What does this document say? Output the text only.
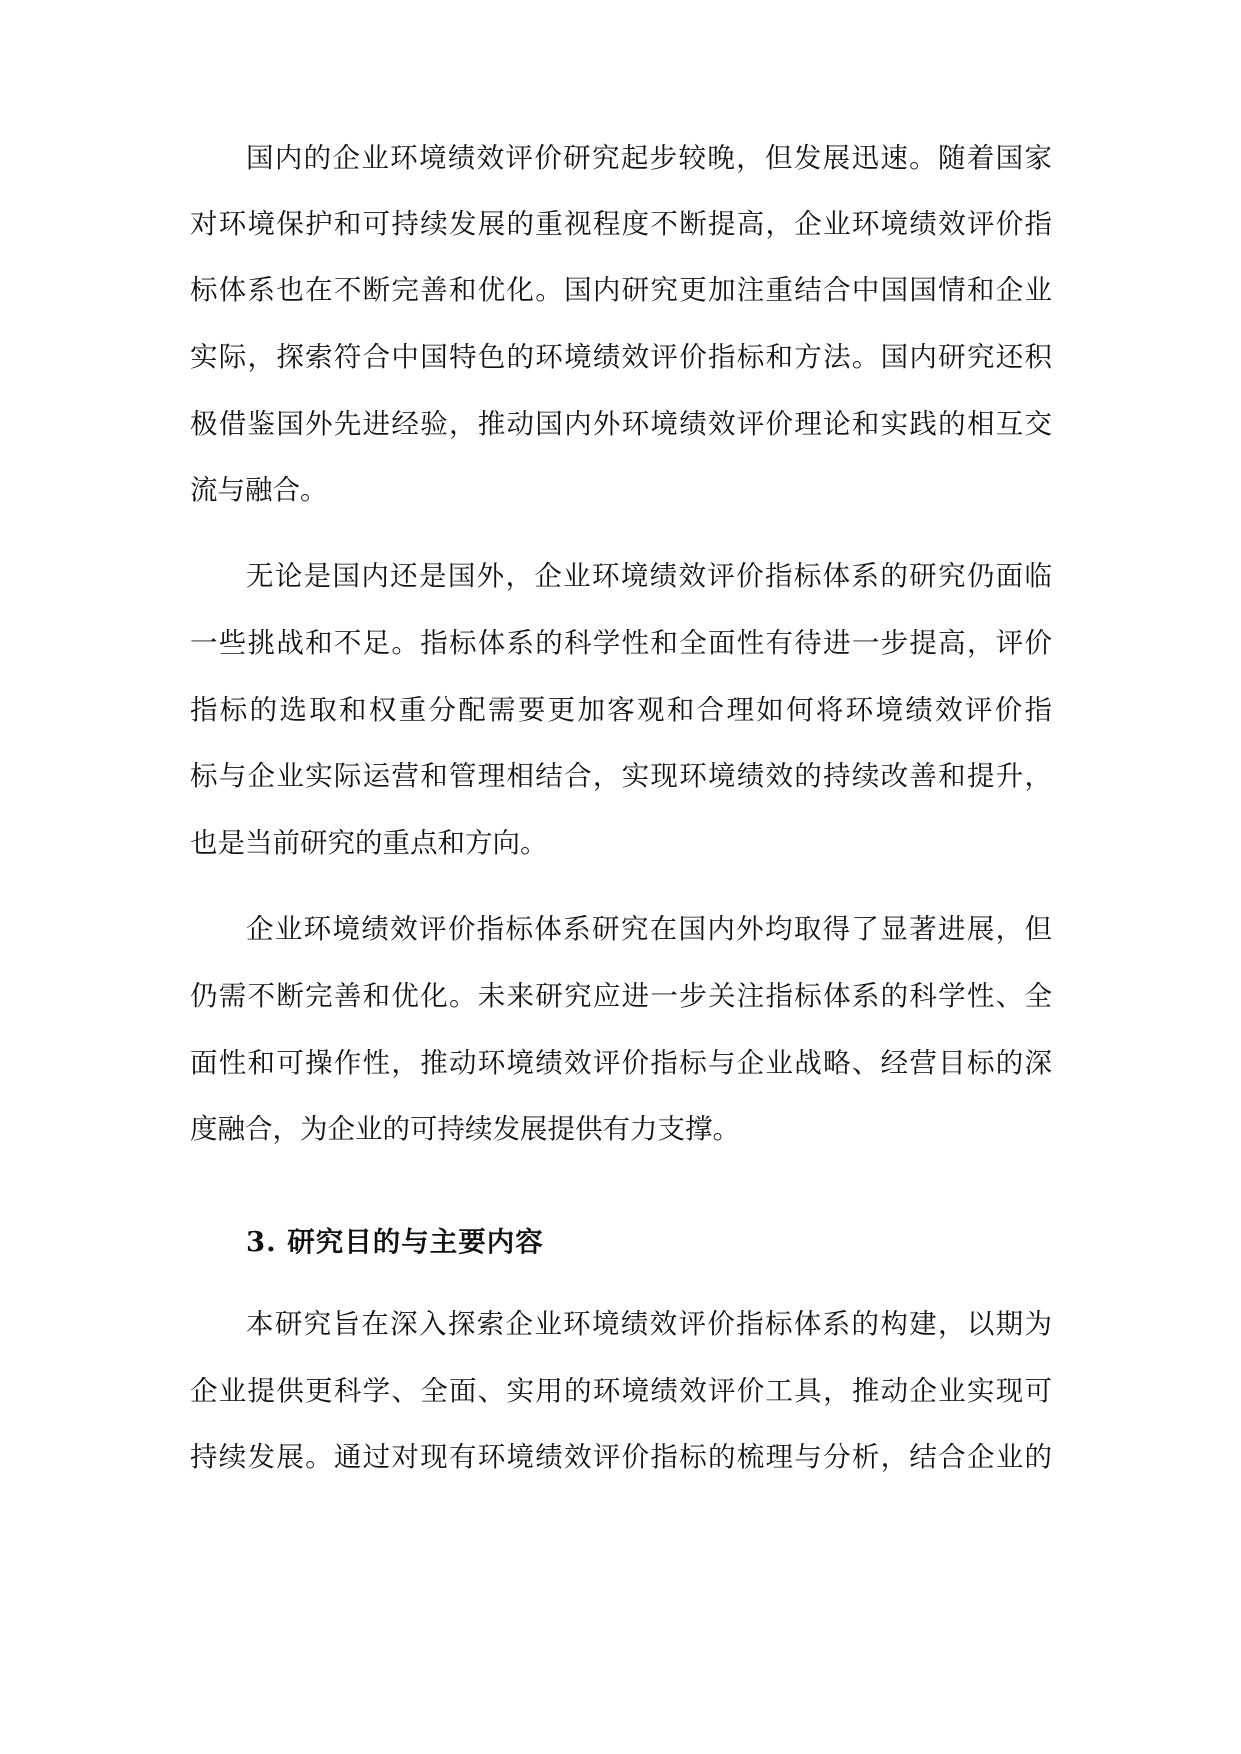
国内的企业环境绩效评价研究起步较晚，但发展迅速。随着国家
对环境保护和可持续发展的重视程度不断提高，企业环境绩效评价指
标体系也在不断完善和优化。国内研究更加注重结合中国国情和企业
实际，探索符合中国特色的环境绩效评价指标和方法。国内研究还积
极借鉴国外先进经验，推动国内外环境绩效评价理论和实践的相互交
流与融合。
无论是国内还是国外，企业环境绩效评价指标体系的研究仍面临
一些挑战和不足。指标体系的科学性和全面性有待进一步提高，评价
指标的选取和权重分配需要更加客观和合理如何将环境绩效评价指
标与企业实际运营和管理相结合，实现环境绩效的持续改善和提升，
也是当前研究的重点和方向。
企业环境绩效评价指标体系研究在国内外均取得了显著进展，但
仍需不断完善和优化。未来研究应进一步关注指标体系的科学性、全
面性和可操作性，推动环境绩效评价指标与企业战略、经营目标的深
度融合，为企业的可持续发展提供有力支撑。
3. 研究目的与主要内容
本研究旨在深入探索企业环境绩效评价指标体系的构建，以期为
企业提供更科学、全面、实用的环境绩效评价工具，推动企业实现可
持续发展。通过对现有环境绩效评价指标的梳理与分析，结合企业的
